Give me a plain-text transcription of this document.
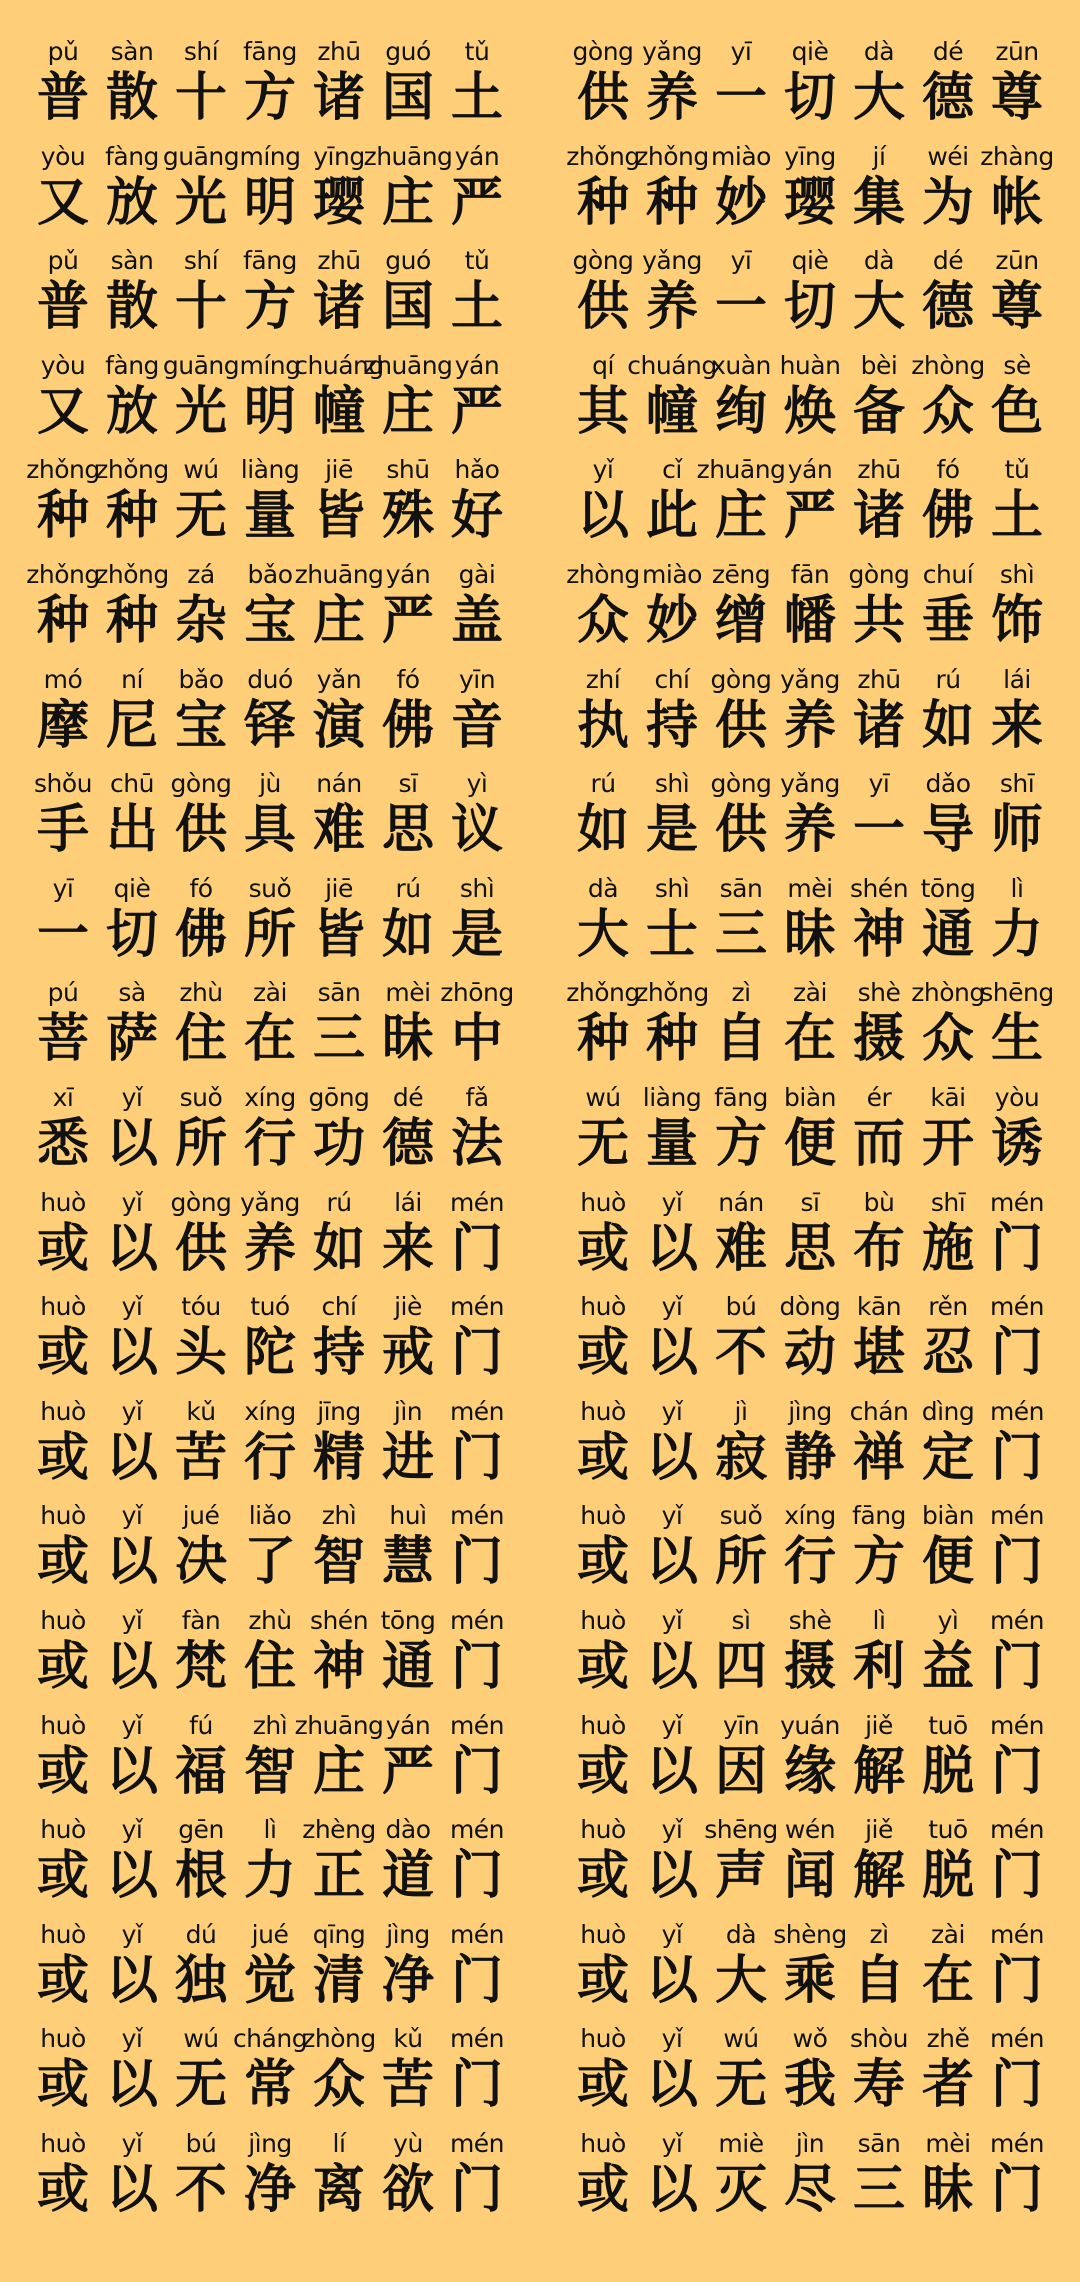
pǔ
普
sàn
散
shí
十
fāng
方
zhū
诸
guó
国
tǔ
土
gòng
供
yǎng
养
yī
一
qiè
切
dà
大
dé
德
zūn
尊
yòu
又
fàng
放
guāng
光
míng
明
yīng
璎
zhuāng
庄
yán
严
zhǒng
种
zhǒng
种
miào
妙
yīng
璎
jí
集
wéi
为
zhàng
帐
pǔ
普
sàn
散
shí
十
fāng
方
zhū
诸
guó
国
tǔ
土
gòng
供
yǎng
养
yī
一
qiè
切
dà
大
dé
德
zūn
尊
yòu
又
fàng
放
guāng
光
míng
明
chuáng
幢
zhuāng
庄
yán
严
qí
其
chuáng
幢
xuàn
绚
huàn
焕
bèi
备
zhòng
众
sè
色
zhǒng
种
zhǒng
种
wú
无
liàng
量
jiē
皆
shū
殊
hǎo
好
yǐ
以
cǐ
此
zhuāng
庄
yán
严
zhū
诸
fó
佛
tǔ
土
zhǒng
种
zhǒng
种
zá
杂
bǎo
宝
zhuāng
庄
yán
严
gài
盖
zhòng
众
miào
妙
zēng
缯
fān
幡
gòng
共
chuí
垂
shì
饰
mó
摩
ní
尼
bǎo
宝
duó
铎
yǎn
演
fó
佛
yīn
音
zhí
执
chí
持
gòng
供
yǎng
养
zhū
诸
rú
如
lái
来
shǒu
手
chū
出
gòng
供
jù
具
nán
难
sī
思
yì
议
rú
如
shì
是
gòng
供
yǎng
养
yī
一
dǎo
导
shī
师
yī
一
qiè
切
fó
佛
suǒ
所
jiē
皆
rú
如
shì
是
dà
大
shì
士
sān
三
mèi
昧
shén
神
tōng
通
lì
力
pú
菩
sà
萨
zhù
住
zài
在
sān
三
mèi
昧
zhōng
中
zhǒng
种
zhǒng
种
zì
自
zài
在
shè
摄
zhòng
众
shēng
生
xī
悉
yǐ
以
suǒ
所
xíng
行
gōng
功
dé
德
fǎ
法
wú
无
liàng
量
fāng
方
biàn
便
ér
而
kāi
开
yòu
诱
huò
或
yǐ
以
gòng
供
yǎng
养
rú
如
lái
来
mén
门
huò
或
yǐ
以
nán
难
sī
思
bù
布
shī
施
mén
门
huò
或
yǐ
以
tóu
头
tuó
陀
chí
持
jiè
戒
mén
门
huò
或
yǐ
以
bú
不
dòng
动
kān
堪
rěn
忍
mén
门
huò
或
yǐ
以
kǔ
苦
xíng
行
jīng
精
jìn
进
mén
门
huò
或
yǐ
以
jì
寂
jìng
静
chán
禅
dìng
定
mén
门
huò
或
yǐ
以
jué
决
liǎo
了
zhì
智
huì
慧
mén
门
huò
或
yǐ
以
suǒ
所
xíng
行
fāng
方
biàn
便
mén
门
huò
或
yǐ
以
fàn
梵
zhù
住
shén
神
tōng
通
mén
门
huò
或
yǐ
以
sì
四
shè
摄
lì
利
yì
益
mén
门
huò
或
yǐ
以
fú
福
zhì
智
zhuāng
庄
yán
严
mén
门
huò
或
yǐ
以
yīn
因
yuán
缘
jiě
解
tuō
脱
mén
门
huò
或
yǐ
以
gēn
根
lì
力
zhèng
正
dào
道
mén
门
huò
或
yǐ
以
shēng
声
wén
闻
jiě
解
tuō
脱
mén
门
huò
或
yǐ
以
dú
独
jué
觉
qīng
清
jìng
净
mén
门
huò
或
yǐ
以
dà
大
shèng
乘
zì
自
zài
在
mén
门
huò
或
yǐ
以
wú
无
cháng
常
zhòng
众
kǔ
苦
mén
门
huò
或
yǐ
以
wú
无
wǒ
我
shòu
寿
zhě
者
mén
门
huò
或
yǐ
以
bú
不
jìng
净
lí
离
yù
欲
mén
门
huò
或
yǐ
以
miè
灭
jìn
尽
sān
三
mèi
昧
mén
门
